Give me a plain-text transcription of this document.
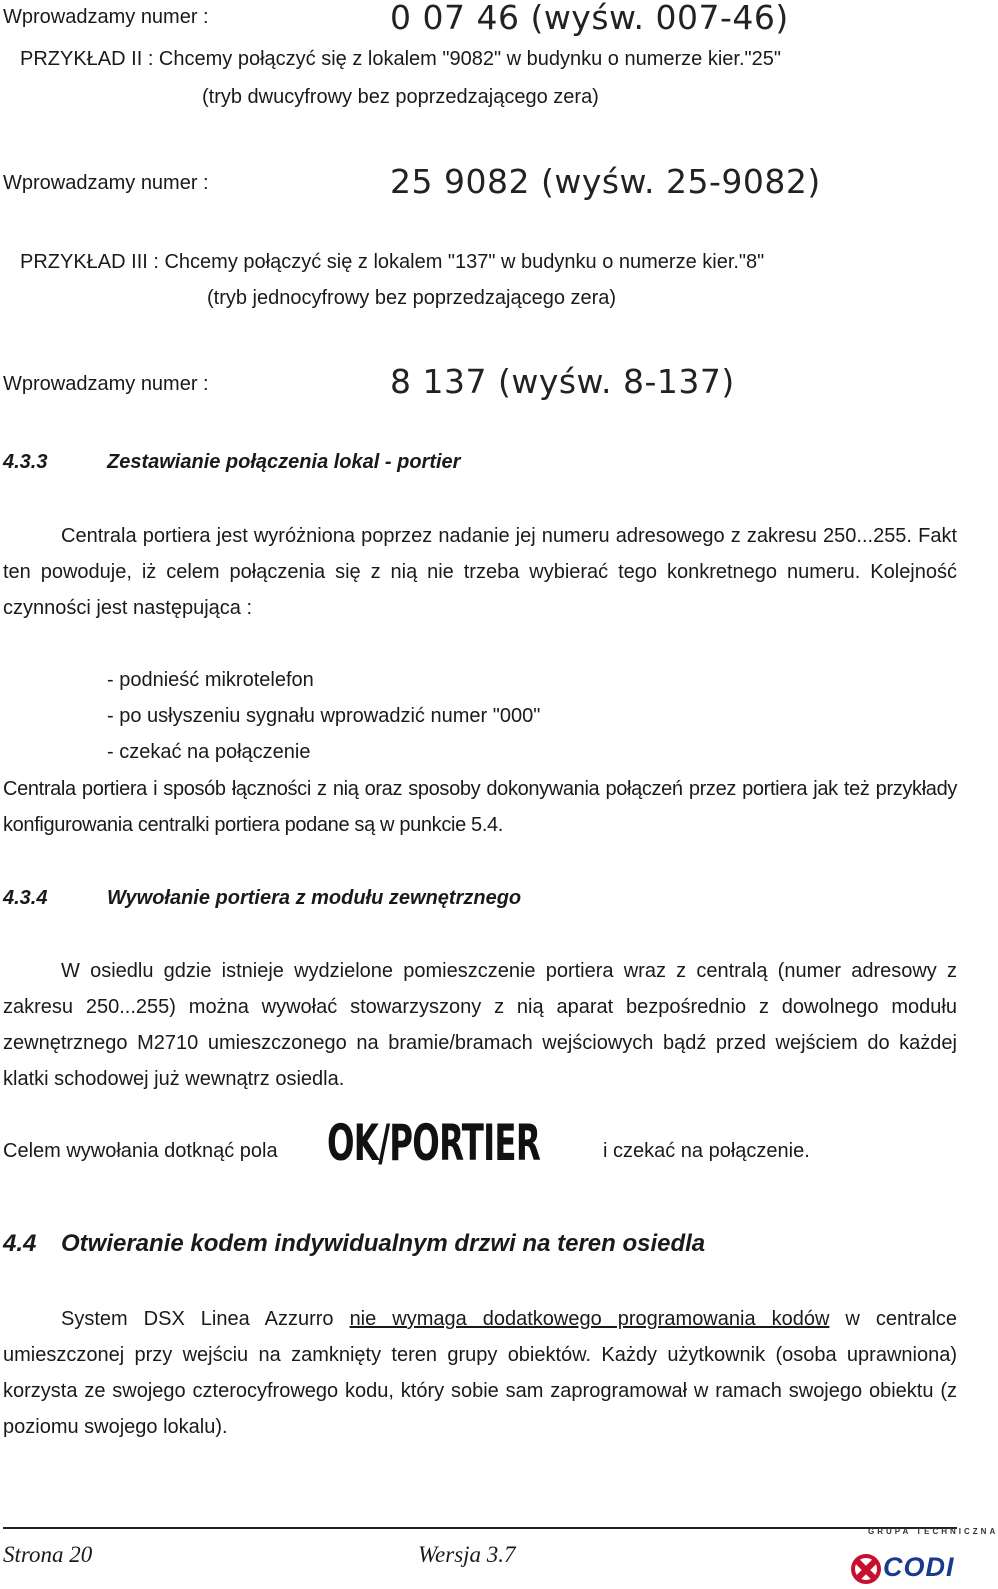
Wprowadzamy numer :	0 07 46 (wyśw. 007-46)
PRZYKŁAD II : Chcemy połączyć się z lokalem "9082" w budynku o numerze kier."25"
(tryb dwucyfrowy bez poprzedzającego zera)
Wprowadzamy numer :	25 9082 (wyśw. 25-9082)
PRZYKŁAD III : Chcemy połączyć się z lokalem "137" w budynku o numerze kier."8"
(tryb jednocyfrowy bez poprzedzającego zera)
Wprowadzamy numer :	8 137 (wyśw. 8-137)
4.3.3	Zestawianie połączenia lokal - portier

Centrala portiera jest wyróżniona poprzez nadanie jej numeru adresowego z zakresu 250...255. Fakt ten powoduje, iż celem połączenia się z nią nie trzeba wybierać tego konkretnego numeru. Kolejność czynności jest następująca :

- podnieść mikrotelefon
- po usłyszeniu sygnału wprowadzić numer "000"
- czekać na połączenie

Centrala portiera i sposób łączności z nią oraz sposoby dokonywania połączeń przez portiera jak też przykłady konfigurowania centralki portiera podane są w punkcie 5.4.

4.3.4	Wywołanie portiera z modułu zewnętrznego

W osiedlu gdzie istnieje wydzielone pomieszczenie portiera wraz z centralą (numer adresowy z zakresu 250...255) można wywołać stowarzyszony z nią aparat bezpośrednio z dowolnego modułu zewnętrznego M2710 umieszczonego na bramie/bramach wejściowych bądź przed wejściem do każdej klatki schodowej już wewnątrz osiedla.

Celem wywołania dotknąć pola OK/PORTIER	i czekać na połączenie.
4.4 Otwieranie kodem indywidualnym drzwi na teren osiedla

System DSX Linea Azzurro nie wymaga dodatkowego programowania kodów w centralce umieszczonej przy wejściu na zamknięty teren grupy obiektów. Każdy użytkownik (osoba uprawniona) korzysta ze swojego czterocyfrowego kodu, który sobie sam zaprogramował w ramach swojego obiektu (z poziomu swojego lokalu).

Strona 20	Wersja 3.7
GRUPA TECHNICZNA
CODI
